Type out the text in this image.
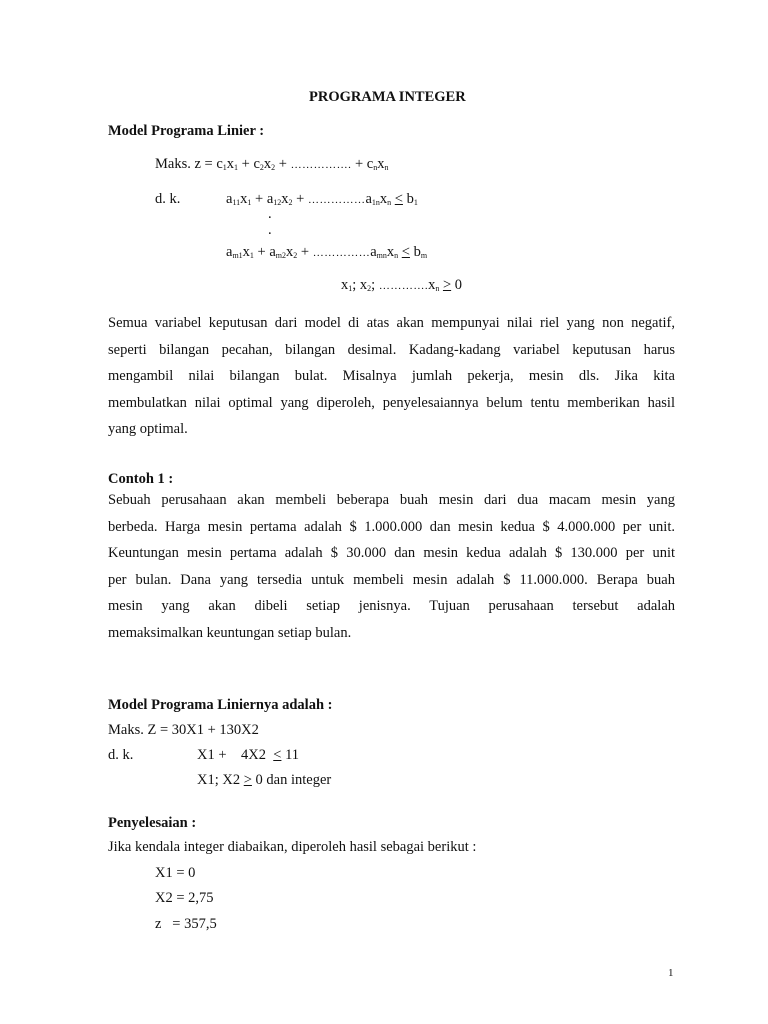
PROGRAMA INTEGER
Model Programa Linier :
Maks. $z = c_1x_1 + c_2x_2$ + ……………. + $c_nx_n$
d. k.	$a_{11}x_1 + a_{12}x_2$ + $\dots\dots\dots\dots\dots a_{1n}x_n < b_1$
.
.
$a_{m1}x_1 + a_{m2}x_2$ + $\dots\dots\dots\dots\dots a_{mn}x_n < b_m$
$x_1$; $x_2$; $\dots\dots\dots\dots.x_n > 0$
Semua variabel keputusan dari model di atas akan mempunyai nilai riel yang non negatif,
seperti bilangan pecahan, bilangan desimal. Kadang-kadang variabel keputusan harus
mengambil nilai bilangan bulat. Misalnya jumlah pekerja, mesin dls. Jika kita
membulatkan nilai optimal yang diperoleh, penyelesaiannya belum tentu memberikan hasil
yang optimal.
Contoh 1 :
Sebuah perusahaan akan membeli beberapa buah mesin dari dua macam mesin yang
berbeda. Harga mesin pertama adalah $ 1.000.000 dan mesin kedua $ 4.000.000 per unit.
Keuntungan mesin pertama adalah $ 30.000 dan mesin kedua adalah $ 130.000 per unit
per bulan. Dana yang tersedia untuk membeli mesin adalah $ 11.000.000. Berapa buah
mesin yang akan dibeli setiap jenisnya. Tujuan perusahaan tersebut adalah
memaksimalkan keuntungan setiap bulan.
Model Programa Liniernya adalah :
Maks. Z = 30X1 + 130X2
d. k.	X1 +    4X2  < 11
X1; X2 > 0 dan integer
Penyelesaian :
Jika kendala integer diabaikan, diperoleh hasil sebagai berikut :
X1 = 0
X2 = 2,75
z   = 357,5
1
